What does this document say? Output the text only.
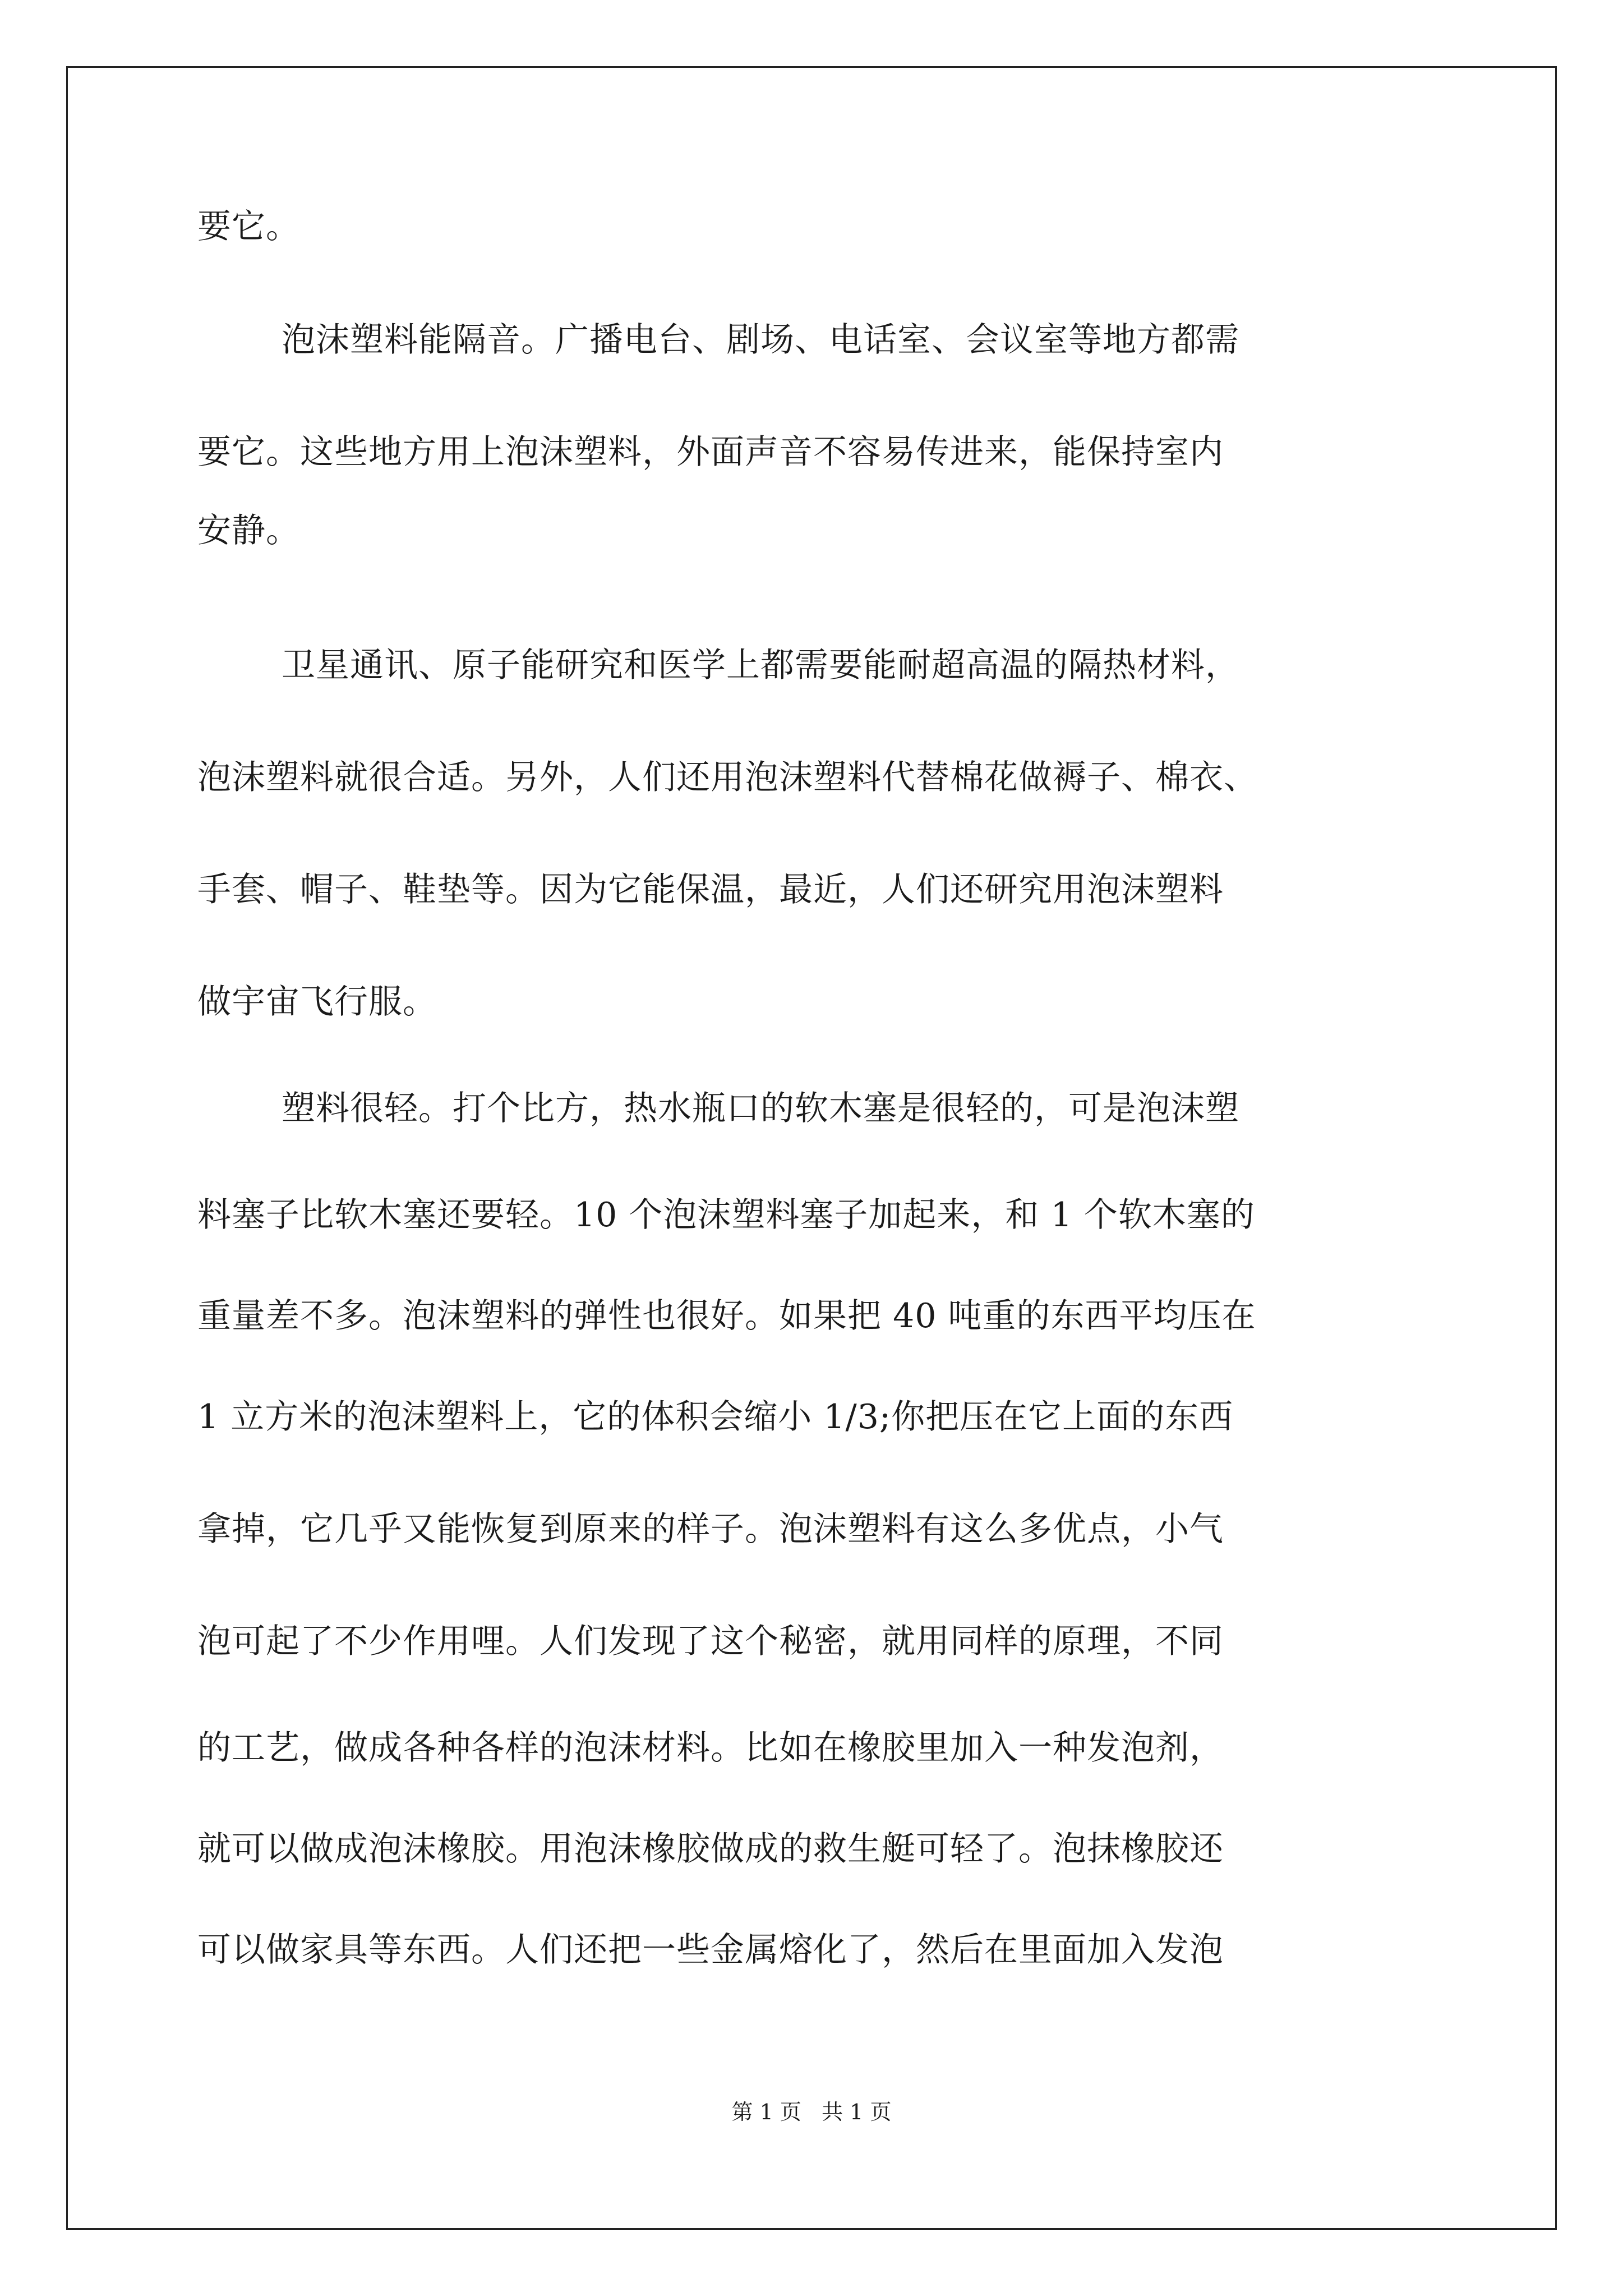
要它。
泡沫塑料能隔音。广播电台、剧场、电话室、会议室等地方都需
要它。这些地方用上泡沫塑料，外面声音不容易传进来，能保持室内
安静。
卫星通讯、原子能研究和医学上都需要能耐超高温的隔热材料，
泡沫塑料就很合适。另外，人们还用泡沫塑料代替棉花做褥子、棉衣、
手套、帽子、鞋垫等。因为它能保温，最近，人们还研究用泡沫塑料
做宇宙飞行服。
塑料很轻。打个比方，热水瓶口的软木塞是很轻的，可是泡沫塑
料塞子比软木塞还要轻。10 个泡沫塑料塞子加起来，和 1 个软木塞的
重量差不多。泡沫塑料的弹性也很好。如果把 40 吨重的东西平均压在
1 立方米的泡沫塑料上，它的体积会缩小 1/3;你把压在它上面的东西
拿掉，它几乎又能恢复到原来的样子。泡沫塑料有这么多优点，小气
泡可起了不少作用哩。人们发现了这个秘密，就用同样的原理，不同
的工艺，做成各种各样的泡沫材料。比如在橡胶里加入一种发泡剂，
就可以做成泡沫橡胶。用泡沫橡胶做成的救生艇可轻了。泡抹橡胶还
可以做家具等东西。人们还把一些金属熔化了，然后在里面加入发泡
第 1 页   共 1 页
